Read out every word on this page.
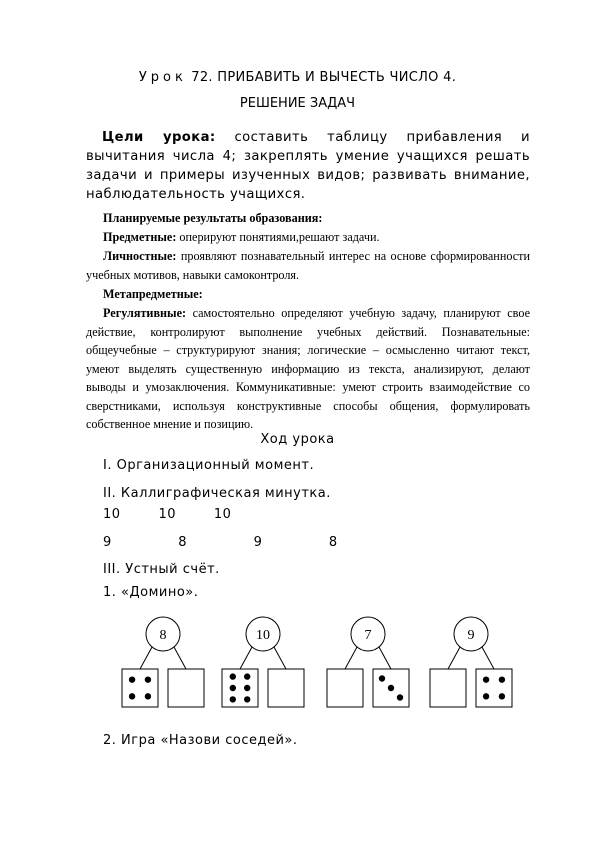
Урок 72. ПРИБАВИТЬ И ВЫЧЕСТЬ ЧИСЛО 4.
РЕШЕНИЕ ЗАДАЧ
Цели урока: составить таблицу прибавления и вычитания числа 4; закреплять умение учащихся решать задачи и примеры изученных видов; развивать внимание, наблюдательность учащихся.
Планируемые результаты образования:
Предметные: оперируют понятиями,решают задачи.
Личностные: проявляют познавательный интерес на основе сформированности учебных мотивов, навыки самоконтроля.
Метапредметные:
Регулятивные: самостоятельно определяют учебную задачу, планируют свое действие, контролируют выполнение учебных действий. Познавательные: общеучебные – структурируют знания; логические – осмысленно читают текст, умеют выделять существенную информацию из текста, анализируют, делают выводы и умозаключения. Коммуникативные: умеют строить взаимодействие со сверстниками, используя конструктивные способы общения, формулировать собственное мнение и позицию.
Ход урока
I. Организационный момент.
II. Каллиграфическая минутка.
10   10   10
9    8    9    8
III. Устный счёт.
1. «Домино».
8	10	7	9
2. Игра «Назови соседей».
